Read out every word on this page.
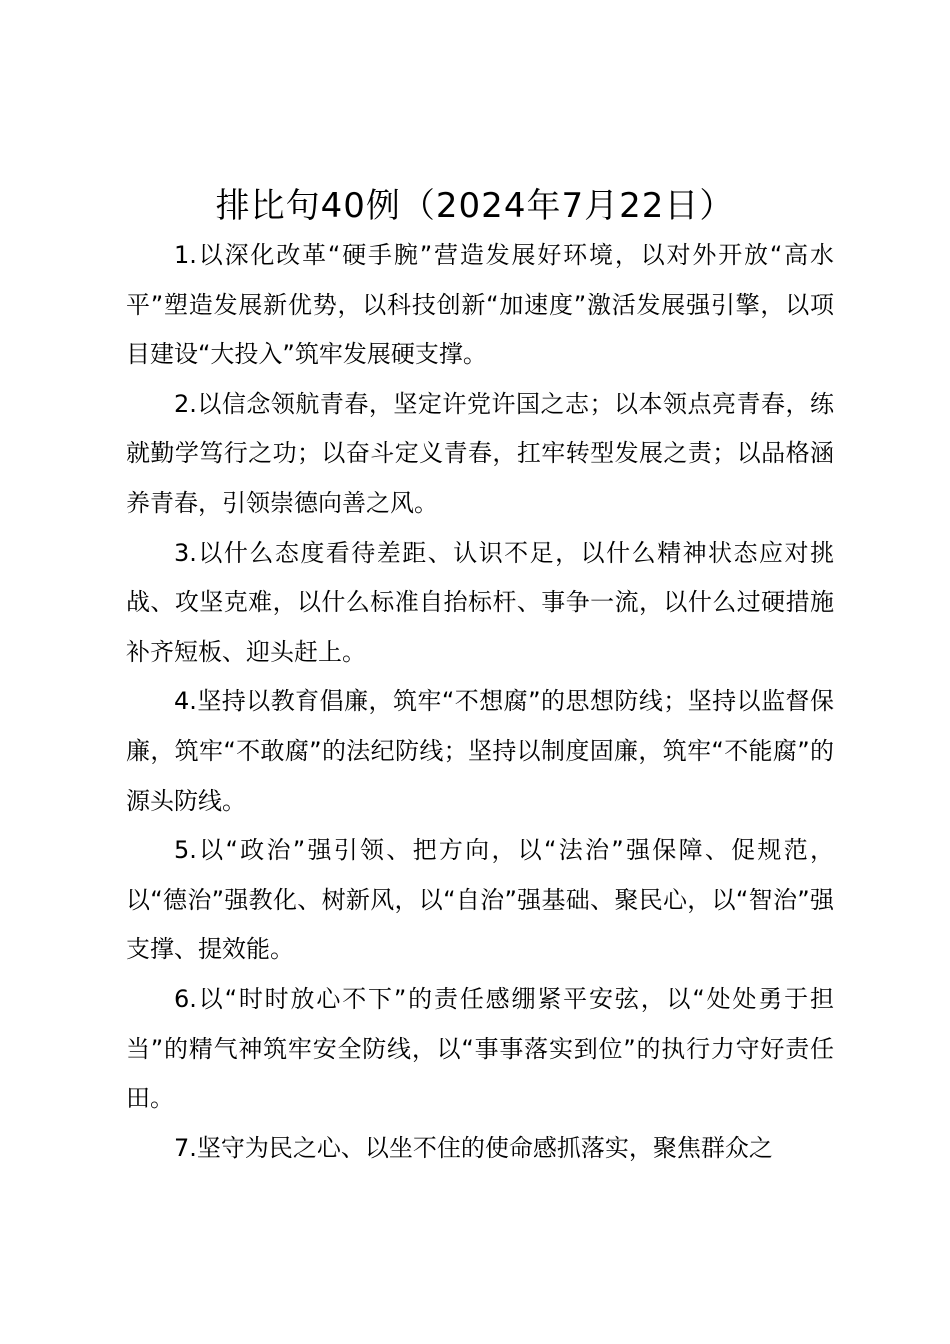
排比句40例（2024年7月22日）

1.以深化改革“硬手腕”营造发展好环境，以对外开放“高水平”塑造发展新优势，以科技创新“加速度”激活发展强引擎，以项目建设“大投入”筑牢发展硬支撑。

2.以信念领航青春，坚定许党许国之志；以本领点亮青春，练就勤学笃行之功；以奋斗定义青春，扛牢转型发展之责；以品格涵养青春，引领崇德向善之风。

3.以什么态度看待差距、认识不足，以什么精神状态应对挑战、攻坚克难，以什么标准自抬标杆、事争一流，以什么过硬措施补齐短板、迎头赶上。

4.坚持以教育倡廉，筑牢“不想腐”的思想防线；坚持以监督保廉，筑牢“不敢腐”的法纪防线；坚持以制度固廉，筑牢“不能腐”的源头防线。

5.以“政治”强引领、把方向，以“法治”强保障、促规范，以“德治”强教化、树新风，以“自治”强基础、聚民心，以“智治”强支撑、提效能。

6.以“时时放心不下”的责任感绷紧平安弦，以“处处勇于担当”的精气神筑牢安全防线，以“事事落实到位”的执行力守好责任田。

7.坚守为民之心、以坐不住的使命感抓落实，聚焦群众之
